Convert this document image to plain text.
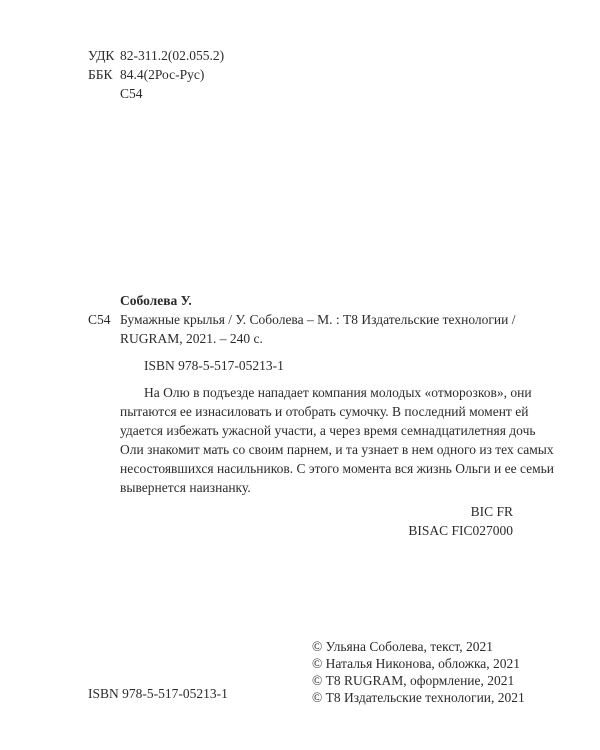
УДК 82-311.2(02.055.2)
ББК 84.4(2Рос-Рус)
С54
Соболева У.
С54 Бумажные крылья / У. Соболева – М. : Т8 Издательские технологии /
RUGRAM, 2021. – 240 с.
ISBN 978-5-517-05213-1
На Олю в подъезде нападает компания молодых «отморозков», они
пытаются ее изнасиловать и отобрать сумочку. В последний момент ей
удается избежать ужасной участи, а через время семнадцатилетняя дочь
Оли знакомит мать со своим парнем, и та узнает в нем одного из тех самых
несостоявшихся насильников. С этого момента вся жизнь Ольги и ее семьи
вывернется наизнанку.
BIC FR
BISAC FIC027000
ISBN 978-5-517-05213-1
© Ульяна Соболева, текст, 2021
© Наталья Никонова, обложка, 2021
© Т8 RUGRAM, оформление, 2021
© Т8 Издательские технологии, 2021
